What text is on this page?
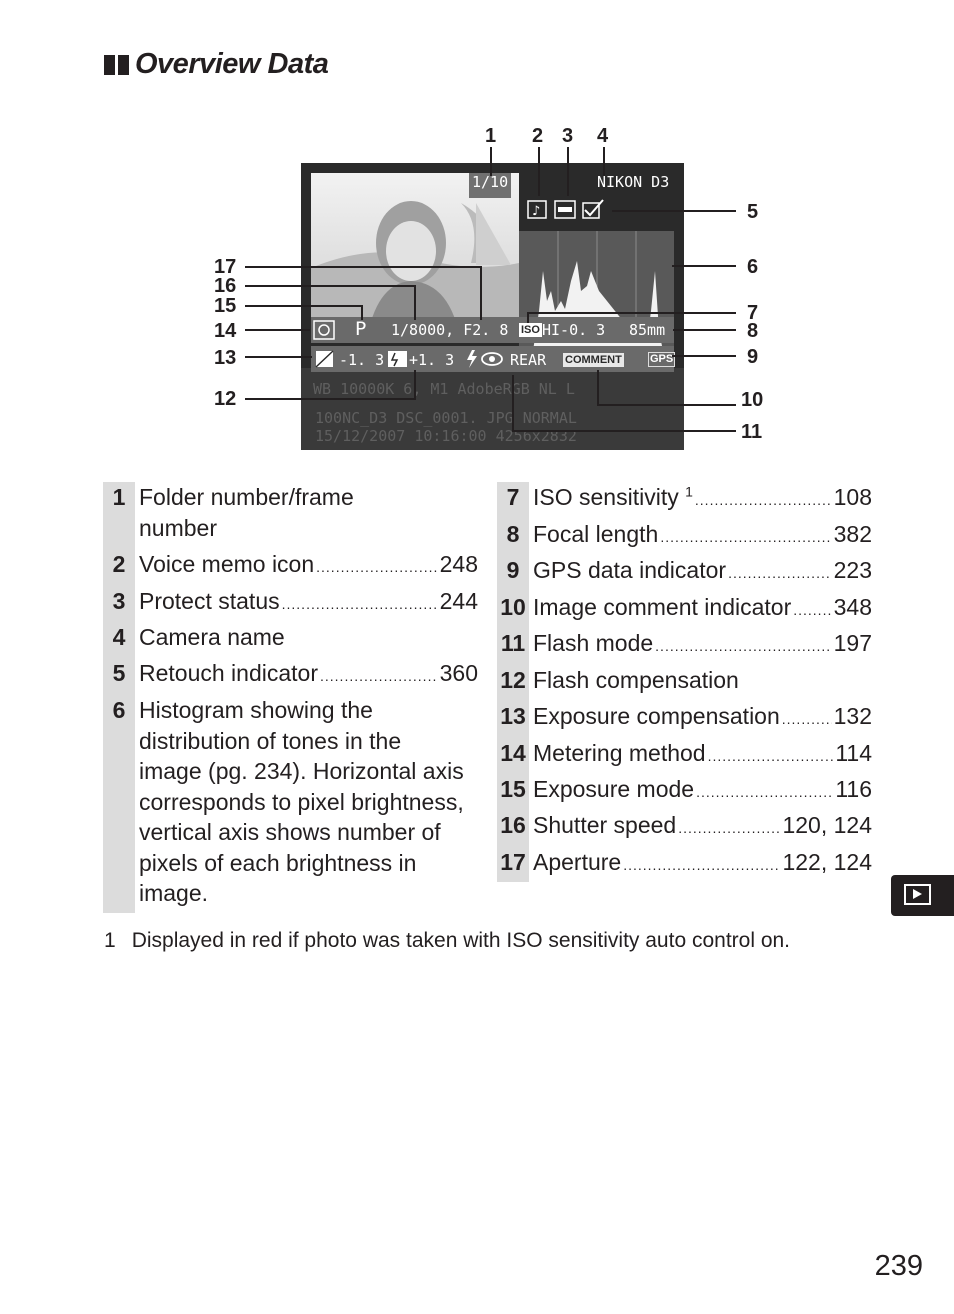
Overview Data
1/10	NIKON D3
♪
P 1/8000, F2. 8 ISO HI-0. 3 85mm
-1. 3 +1. 3	REAR COMMENT	GPS
WB 10000K 6, M1 AdobeRGB NL L
100NC_D3 DSC_0001. JPG NORMAL
15/12/2007 10:16:00 4256x2832
1 2 3 4
5
6
7
8
9
10
11
12
13
14
15
16
17
1 Folder number/frame
number
2 Voice memo icon .....	248
3 Protect status .....	244
4 Camera name
5 Retouch indicator .....	360
6 Histogram showing the
distribution of tones in the
image (pg. 234). Horizontal axis
corresponds to pixel brightness,
vertical axis shows number of
pixels of each brightness in
image.
7 ISO sensitivity $^1$ .....	108
8 Focal length .....	382
9 GPS data indicator .....	223
10 Image comment indicator ..... 348
11 Flash mode .....	197
12 Flash compensation
13 Exposure compensation ..... 132
14 Metering method .....	114
15 Exposure mode .....	116
16 Shutter speed .....	120, 124
17 Aperture .....	122, 124
1 Displayed in red if photo was taken with ISO sensitivity auto control on.
239
